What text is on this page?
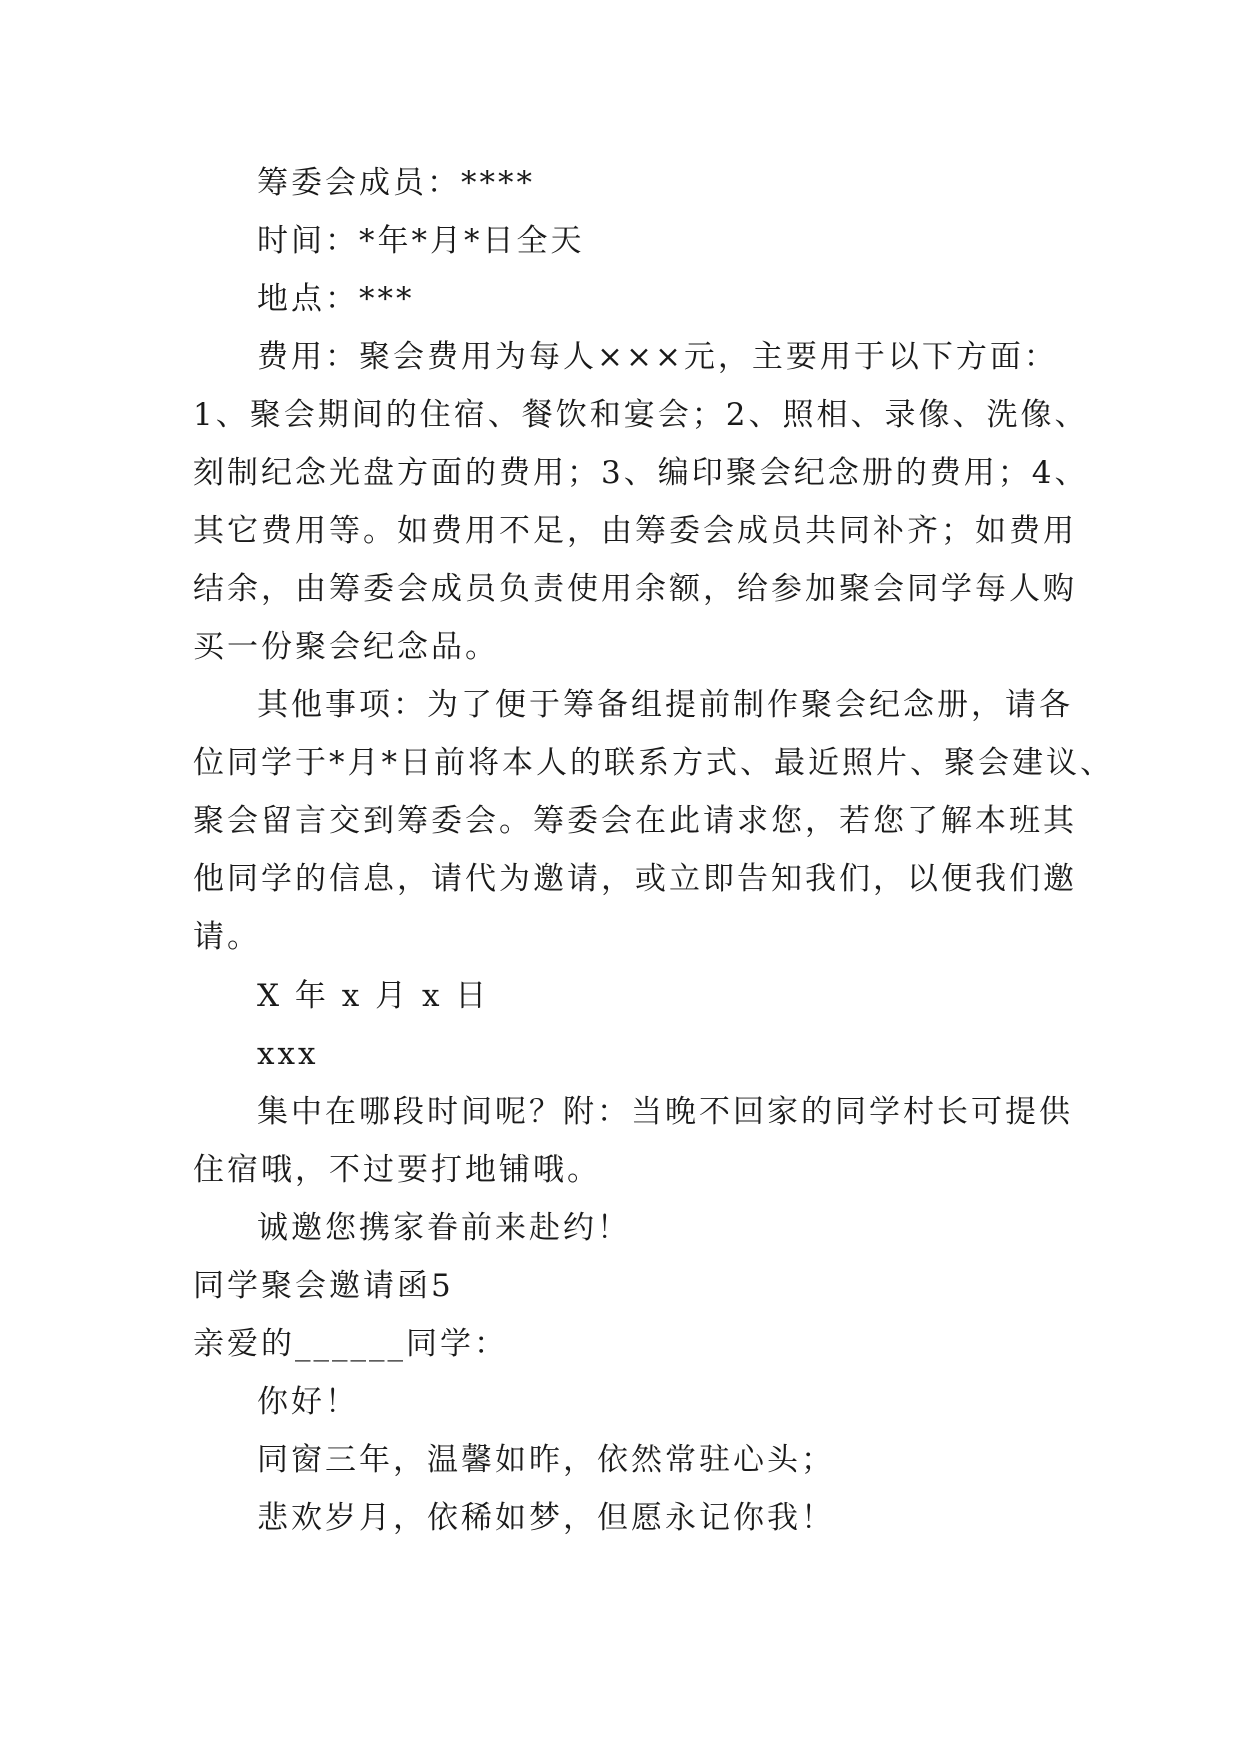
筹委会成员：****
时间：*年*月*日全天
地点：***
费用：聚会费用为每人×××元，主要用于以下方面：
1、聚会期间的住宿、餐饮和宴会；2、照相、录像、洗像、
刻制纪念光盘方面的费用；3、编印聚会纪念册的费用；4、
其它费用等。如费用不足，由筹委会成员共同补齐；如费用
结余，由筹委会成员负责使用余额，给参加聚会同学每人购
买一份聚会纪念品。
其他事项：为了便于筹备组提前制作聚会纪念册，请各
位同学于*月*日前将本人的联系方式、最近照片、聚会建议、
聚会留言交到筹委会。筹委会在此请求您，若您了解本班其
他同学的信息，请代为邀请，或立即告知我们，以便我们邀
请。
X 年 x 月 x 日
xxx
集中在哪段时间呢？附：当晚不回家的同学村长可提供
住宿哦，不过要打地铺哦。
诚邀您携家眷前来赴约！
同学聚会邀请函5
亲爱的______同学：
你好！
同窗三年，温馨如昨，依然常驻心头；
悲欢岁月，依稀如梦，但愿永记你我！
